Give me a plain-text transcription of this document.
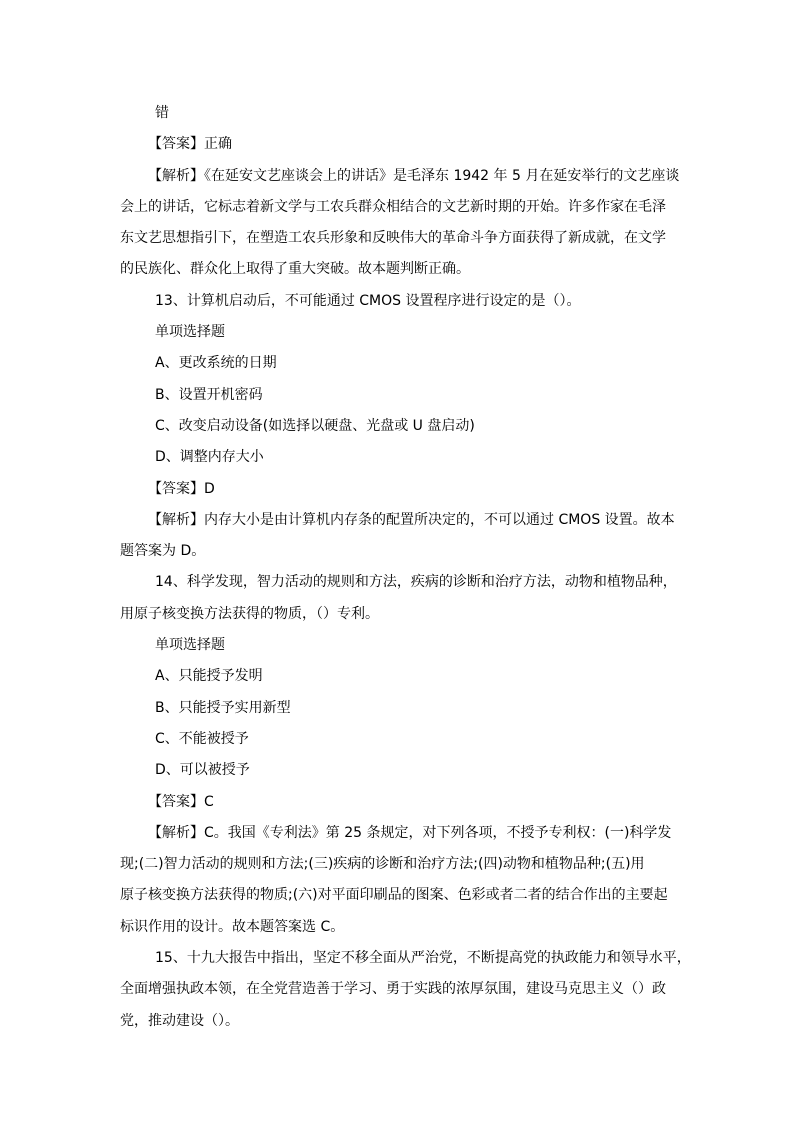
错
【答案】正确
【解析】《在延安文艺座谈会上的讲话》是毛泽东 1942 年 5 月在延安举行的文艺座谈
会上的讲话，它标志着新文学与工农兵群众相结合的文艺新时期的开始。许多作家在毛泽
东文艺思想指引下，在塑造工农兵形象和反映伟大的革命斗争方面获得了新成就，在文学
的民族化、群众化上取得了重大突破。故本题判断正确。
13、计算机启动后，不可能通过 CMOS 设置程序进行设定的是（）。
单项选择题
A、更改系统的日期
B、设置开机密码
C、改变启动设备(如选择以硬盘、光盘或 U 盘启动)
D、调整内存大小
【答案】D
【解析】内存大小是由计算机内存条的配置所决定的，不可以通过 CMOS 设置。故本
题答案为 D。
14、科学发现，智力活动的规则和方法，疾病的诊断和治疗方法，动物和植物品种，
用原子核变换方法获得的物质，（）专利。
单项选择题
A、只能授予发明
B、只能授予实用新型
C、不能被授予
D、可以被授予
【答案】C
【解析】C。我国《专利法》第 25 条规定，对下列各项，不授予专利权：(一)科学发
现;(二)智力活动的规则和方法;(三)疾病的诊断和治疗方法;(四)动物和植物品种;(五)用
原子核变换方法获得的物质;(六)对平面印刷品的图案、色彩或者二者的结合作出的主要起
标识作用的设计。故本题答案选 C。
15、十九大报告中指出，坚定不移全面从严治党，不断提高党的执政能力和领导水平，
全面增强执政本领，在全党营造善于学习、勇于实践的浓厚氛围，建设马克思主义（）政
党，推动建设（）。
